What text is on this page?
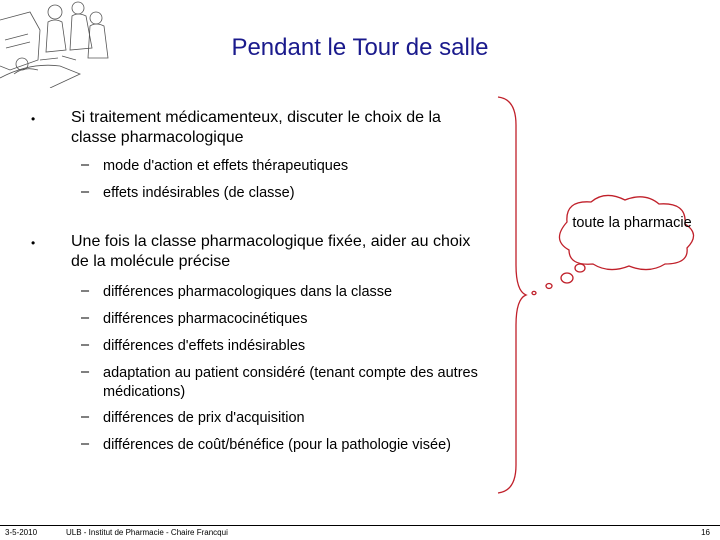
Pendant le Tour de salle
• Si traitement médicamenteux, discuter le choix de la classe pharmacologique
– mode d'action et effets thérapeutiques
– effets indésirables (de classe)
• Une fois la classe pharmacologique fixée, aider au choix de la molécule précise
– différences pharmacologiques dans la classe
– différences pharmacocinétiques
– différences d'effets indésirables
– adaptation au patient considéré (tenant compte des autres médications)
– différences de prix d'acquisition
– différences de coût/bénéfice (pour la pathologie visée)
toute la pharmacie
3-5-2010	ULB - Institut de Pharmacie - Chaire Francqui	16
